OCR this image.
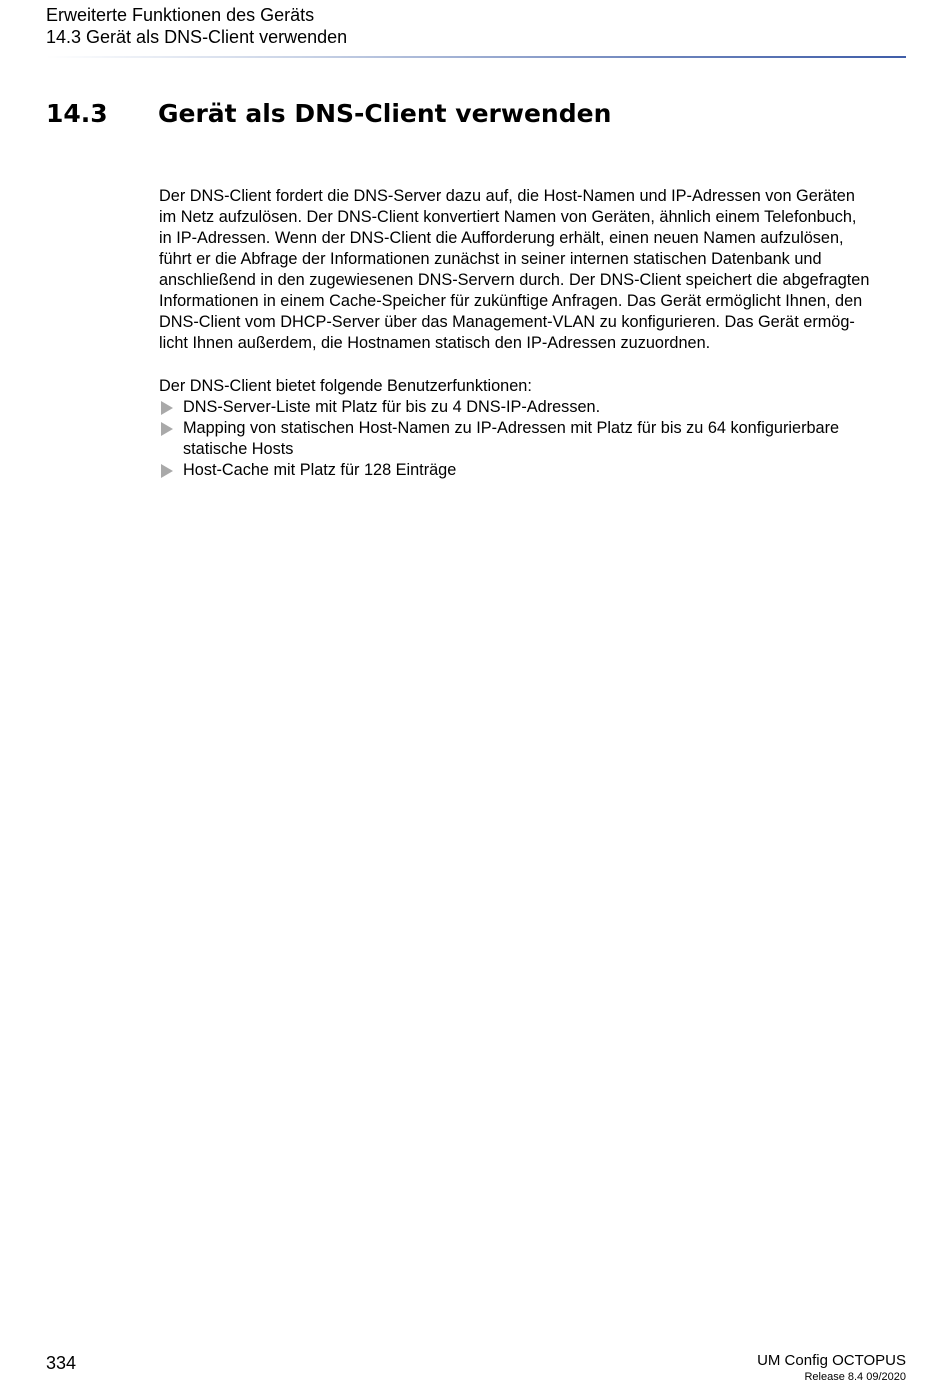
Erweiterte Funktionen des Geräts
14.3 Gerät als DNS-Client verwenden
14.3 Gerät als DNS-Client verwenden
Der DNS-Client fordert die DNS-Server dazu auf, die Host-Namen und IP-Adressen von Geräten
im Netz aufzulösen. Der DNS-Client konvertiert Namen von Geräten, ähnlich einem Telefonbuch,
in IP-Adressen. Wenn der DNS-Client die Aufforderung erhält, einen neuen Namen aufzulösen,
führt er die Abfrage der Informationen zunächst in seiner internen statischen Datenbank und
anschließend in den zugewiesenen DNS-Servern durch. Der DNS-Client speichert die abgefragten
Informationen in einem Cache-Speicher für zukünftige Anfragen. Das Gerät ermöglicht Ihnen, den
DNS-Client vom DHCP-Server über das Management-VLAN zu konfigurieren. Das Gerät ermög-
licht Ihnen außerdem, die Hostnamen statisch den IP-Adressen zuzuordnen.
Der DNS-Client bietet folgende Benutzerfunktionen:
DNS-Server-Liste mit Platz für bis zu 4 DNS-IP-Adressen.
Mapping von statischen Host-Namen zu IP-Adressen mit Platz für bis zu 64 konfigurierbare
statische Hosts
Host-Cache mit Platz für 128 Einträge
334	UM Config OCTOPUS
Release 8.4 09/2020
